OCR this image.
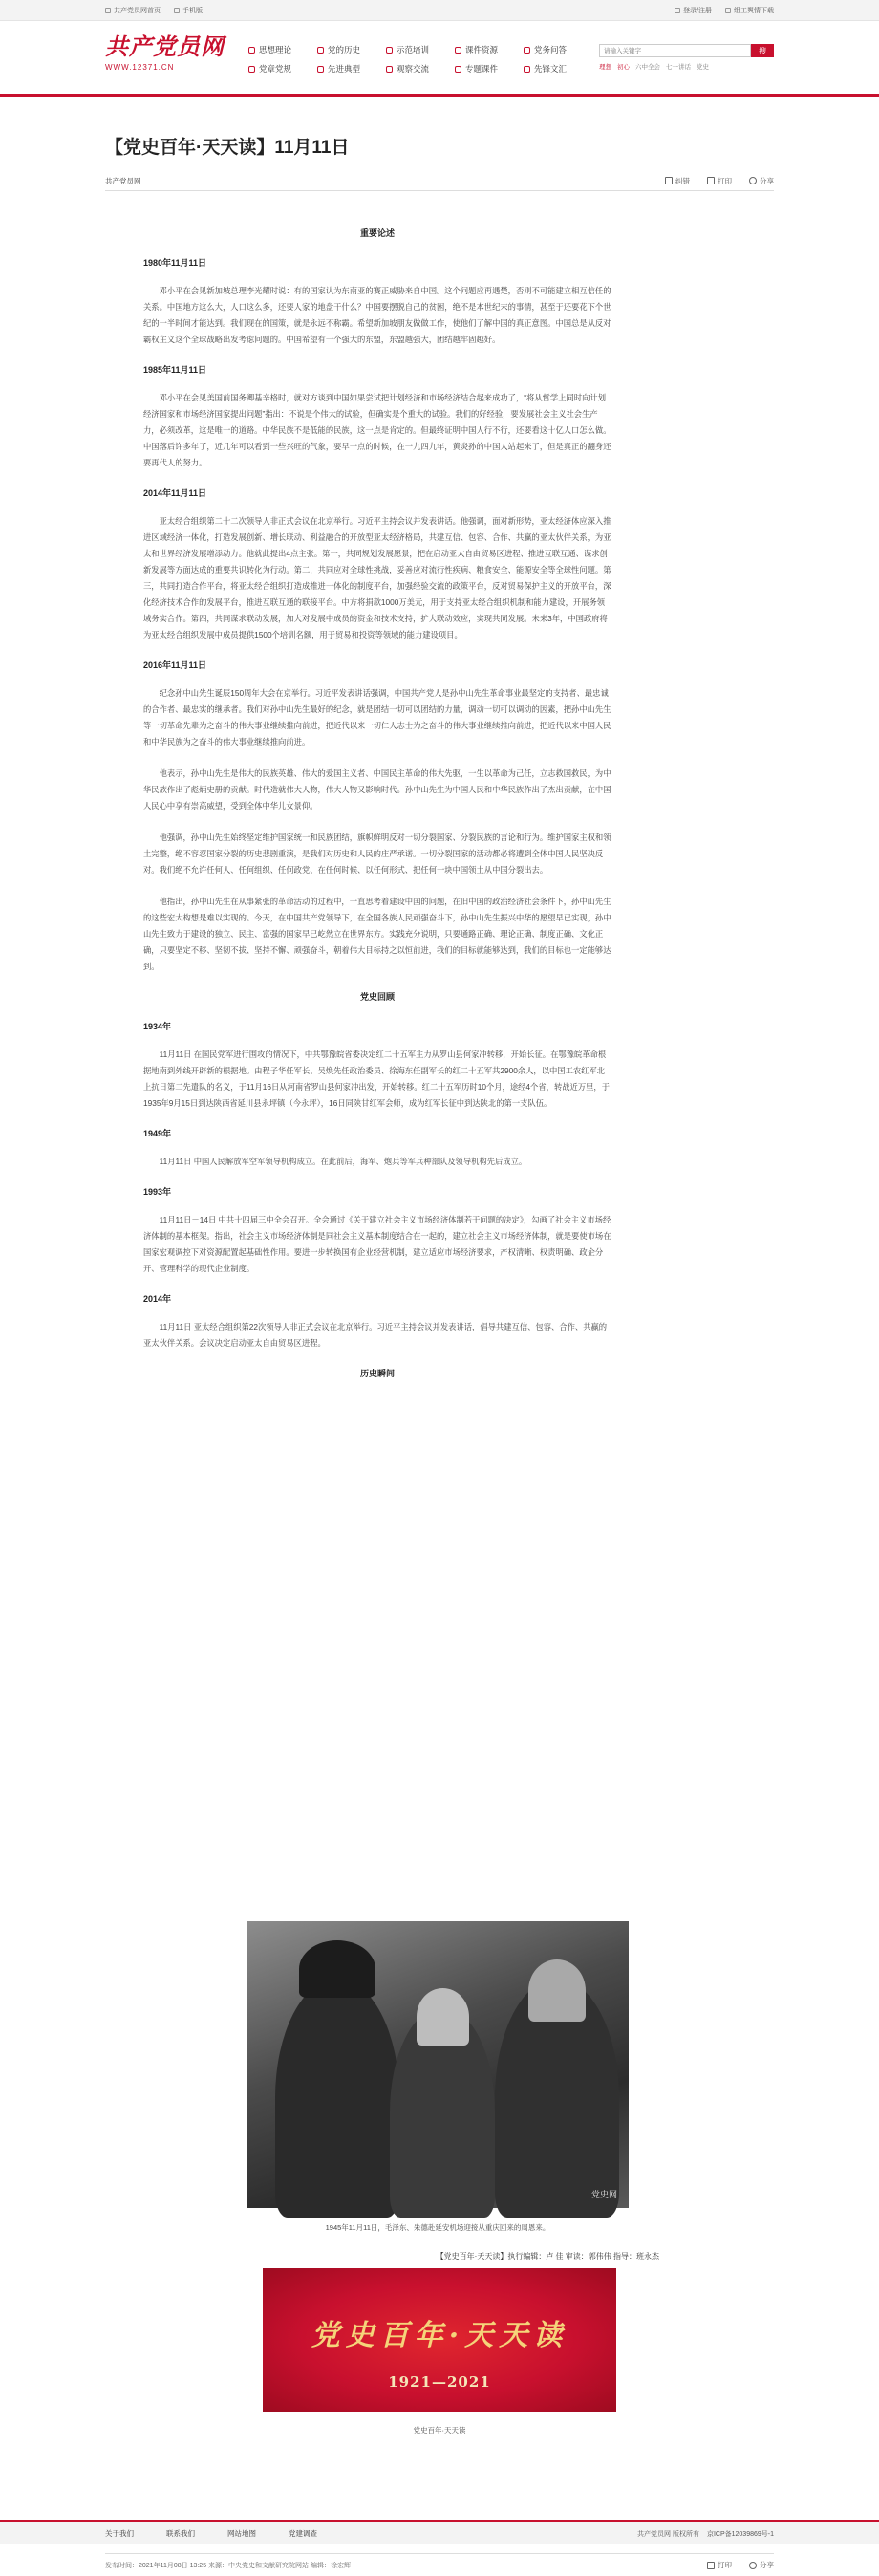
共产党员网首页	手机版	登录/注册	组工舆情下载
共产党员网
WWW.12371.CN
思想理论	党的历史	示范培训	课件资源	党务问答
党章党规	先进典型	观察交流	专题课件	先锋文汇
请输入关键字
搜
理想 初心 六中全会 七一讲话 党史
【党史百年·天天读】11月11日
共产党员网	纠错	打印	分享
重要论述
1980年11月11日

邓小平在会见新加坡总理李光耀时说：有的国家认为东南亚的赛正威胁来自中国。这个问题应再遇楚，否则不可能建立相互信任的关系。中国地方这么大，人口这么多，还要人家的地盘干什么？中国要摆脱自己的贫困，绝不是本世纪末的事情，甚至于还要花下个世纪的一半时间才能达到。我们现在的国策，就是永远不称霸。希望新加坡朋友做做工作，使他们了解中国的真正意图。中国总是从反对霸权主义这个全球战略出发考虑问题的。中国希望有一个强大的东盟，东盟越强大，团结越牢固越好。

1985年11月11日

邓小平在会见美国前国务卿基辛格时，就对方谈到中国如果尝试把计划经济和市场经济结合起来成功了，“将从哲学上同时向计划经济国家和市场经济国家提出问题”指出：不说是个伟大的试验，但确实是个重大的试验。我们的好经验，要发展社会主义社会生产力，必须改革，这是唯一的道路。中华民族不是低能的民族，这一点是肯定的。但最终证明中国人行不行，还要看这十亿人口怎么做。中国落后许多年了，近几年可以看到一些兴旺的气象，要早一点的时候，在一九四九年，黄炎孙的中国人站起来了，但是真正的翻身还要再代人的努力。

2014年11月11日

亚太经合组织第二十二次领导人非正式会议在北京举行。习近平主持会议并发表讲话。他强调，面对新形势，亚太经济体应深入推进区域经济一体化，打造发展创新、增长联动、利益融合的开放型亚太经济格局，共建互信、包容、合作、共赢的亚太伙伴关系，为亚太和世界经济发展增添动力。他就此提出4点主张。第一，共同规划发展愿景，把在启动亚太自由贸易区进程、推进互联互通、谋求创新发展等方面达成的重要共识转化为行动。第二，共同应对全球性挑战，妥善应对流行性疾病、粮食安全、能源安全等全球性问题。第三，共同打造合作平台，将亚太经合组织打造成推进一体化的制度平台，加强经验交流的政策平台，反对贸易保护主义的开放平台，深化经济技术合作的发展平台，推进互联互通的联接平台。中方将捐款1000万美元，用于支持亚太经合组织机制和能力建设，开展务领域务实合作。第四，共同谋求联动发展，加大对发展中成员的资金和技术支持，扩大联动效应，实现共同发展。未来3年，中国政府将为亚太经合组织发展中成员提供1500个培训名额，用于贸易和投资等领域的能力建设项目。

2016年11月11日

纪念孙中山先生诞辰150周年大会在京举行。习近平发表讲话强调，中国共产党人是孙中山先生革命事业最坚定的支持者、最忠诚的合作者、最忠实的继承者。我们对孙中山先生最好的纪念，就是团结一切可以团结的力量，调动一切可以调动的因素，把孙中山先生等一切革命先辈为之奋斗的伟大事业继续推向前进，把近代以来一切仁人志士为之奋斗的伟大事业继续推向前进，把近代以来中国人民和中华民族为之奋斗的伟大事业继续推向前进。

他表示，孙中山先生是伟大的民族英雄、伟大的爱国主义者、中国民主革命的伟大先驱，一生以革命为己任，立志救国救民，为中华民族作出了彪炳史册的贡献。时代造就伟大人物，伟大人物又影响时代。孙中山先生为中国人民和中华民族作出了杰出贡献，在中国人民心中享有崇高威望，受到全体中华儿女景仰。

他强调，孙中山先生始终坚定维护国家统一和民族团结，旗帜鲜明反对一切分裂国家、分裂民族的言论和行为。维护国家主权和领土完整，绝不容忍国家分裂的历史悲剧重演，是我们对历史和人民的庄严承诺。一切分裂国家的活动都必将遭到全体中国人民坚决反对。我们绝不允许任何人、任何组织、任何政党、在任何时候、以任何形式、把任何一块中国领土从中国分裂出去。

他指出，孙中山先生在从事紧张的革命活动的过程中，一直思考着建设中国的问题，在旧中国的政治经济社会条件下，孙中山先生的这些宏大构想是难以实现的。今天，在中国共产党领导下，在全国各族人民顽强奋斗下，孙中山先生振兴中华的愿望早已实现，孙中山先生致力于建设的独立、民主、富强的国家早已屹然立在世界东方。实践充分说明，只要通路正确、理论正确、制度正确、文化正确，只要坚定不移、坚韧不拔、坚持不懈、顽强奋斗，朝着伟大目标持之以恒前进，我们的目标就能够达到，我们的目标也一定能够达到。

党史回顾
1934年

11月11日 在国民党军进行围攻的情况下，中共鄂豫皖省委决定红二十五军主力从罗山县何家冲转移，开始长征。在鄂豫皖革命根据地南到外线开辟新的根据地。由程子华任军长、吴焕先任政治委员、徐海东任副军长的红二十五军共2900余人，以中国工农红军北上抗日第二先遣队的名义，于11月16日从河南省罗山县何家冲出发，开始转移。红二十五军历时10个月，途经4个省，转战近万里，于1935年9月15日到达陕西省延川县永坪镇（今永坪），16日同陕甘红军会师，成为红军长征中到达陕北的第一支队伍。

1949年

11月11日 中国人民解放军空军领导机构成立。在此前后，海军、炮兵等军兵种部队及领导机构先后成立。

1993年

11月11日－14日 中共十四届三中全会召开。全会通过《关于建立社会主义市场经济体制若干问题的决定》，勾画了社会主义市场经济体制的基本框架。指出，社会主义市场经济体制是同社会主义基本制度结合在一起的，建立社会主义市场经济体制，就是要使市场在国家宏观调控下对资源配置起基础性作用。要进一步转换国有企业经营机制，建立适应市场经济要求，产权清晰、权责明确、政企分开、管理科学的现代企业制度。

2014年

11月11日 亚太经合组织第22次领导人非正式会议在北京举行。习近平主持会议并发表讲话，倡导共建互信、包容、合作、共赢的亚太伙伴关系。会议决定启动亚太自由贸易区进程。

历史瞬间
党史网
1945年11月11日，毛泽东、朱德赴延安机场迎接从重庆回来的周恩来。
【党史百年·天天读】执行编辑：卢 佳 审读：郭伟伟 指导：班永杰
党史百年·天天读
1921—2021
党史百年·天天读
发布时间：2021年11月08日 13:25 来源：中央党史和文献研究院网站 编辑：徐宏辉	打印	分享
关于我们	联系我们	网站地图	党建调查	共产党员网 版权所有 京ICP备12039869号-1
